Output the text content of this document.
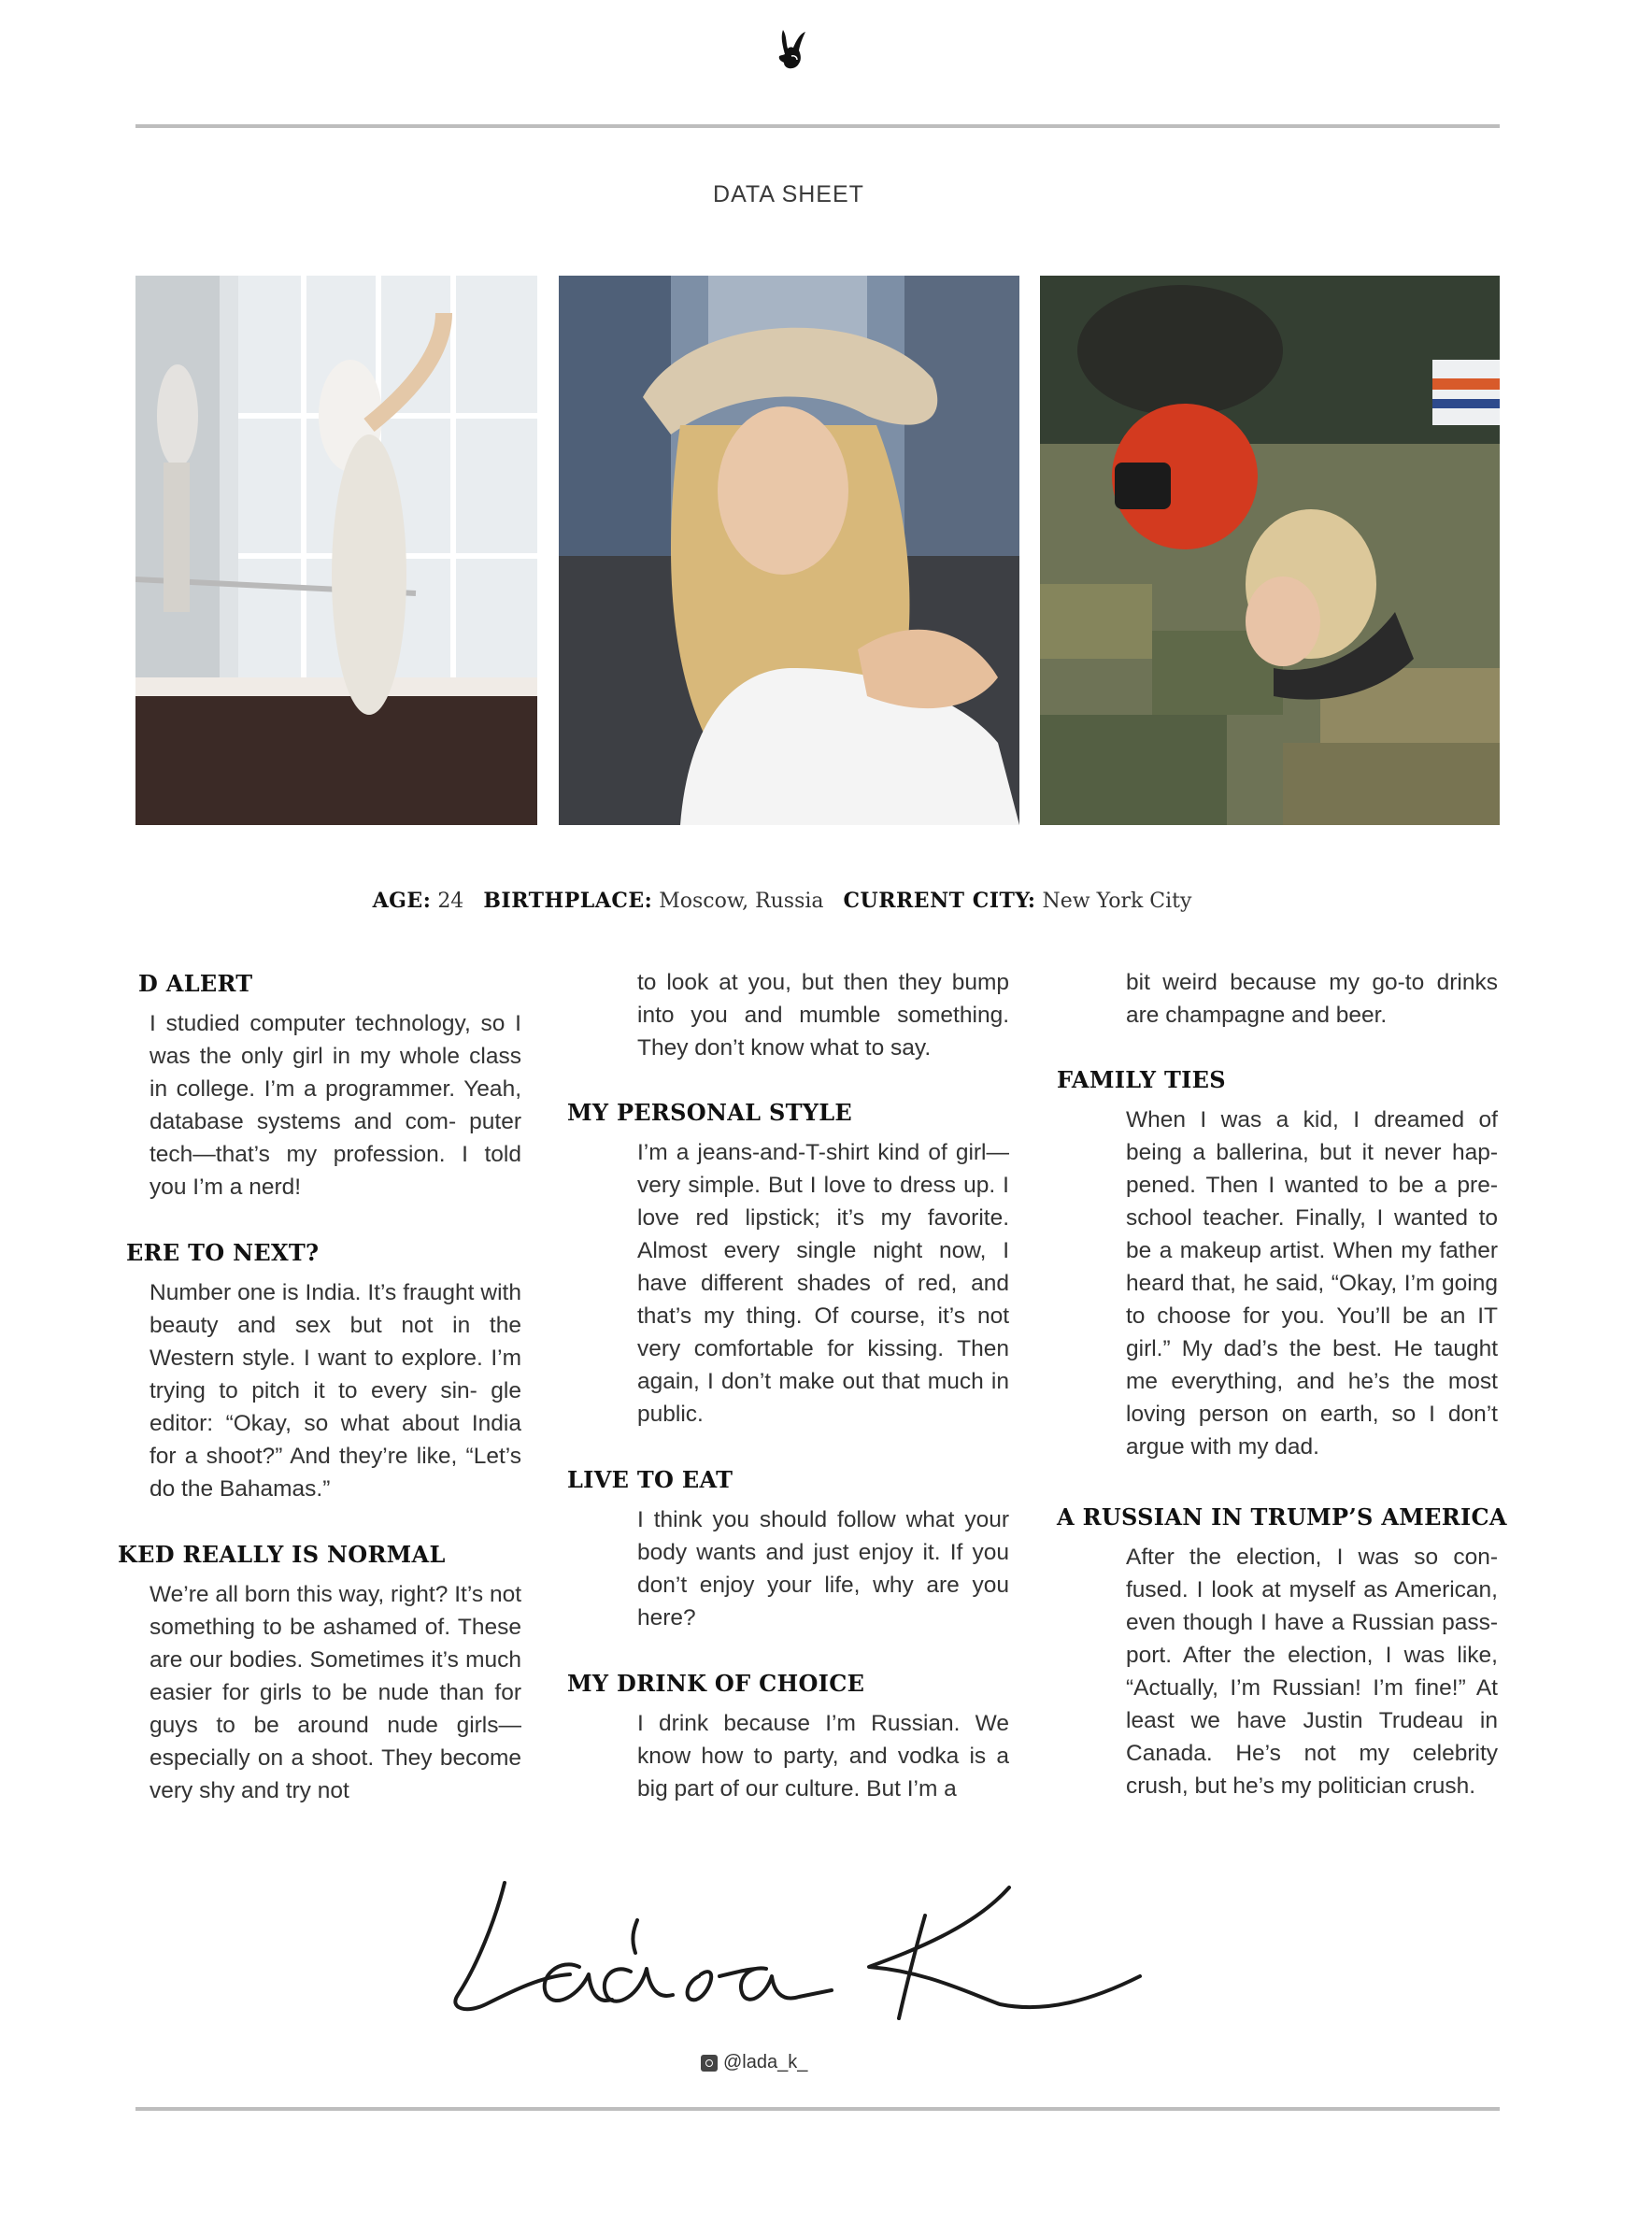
DATA SHEET
AGE: 24 BIRTHPLACE: Moscow, Russia CURRENT CITY: New York City
D ALERT
I studied computer technology, so I was the only girl in my whole class in college. I’m a programmer. Yeah, database systems and com- puter tech—that’s my profession. I told you I’m a nerd!
ERE TO NEXT?
Number one is India. It’s fraught with beauty and sex but not in the Western style. I want to explore. I’m trying to pitch it to every sin- gle editor: “Okay, so what about India for a shoot?” And they’re like, “Let’s do the Bahamas.”
KED REALLY IS NORMAL
We’re all born this way, right? It’s not something to be ashamed of. These are our bodies. Sometimes it’s much easier for girls to be nude than for guys to be around nude girls—especially on a shoot. They become very shy and try not
to look at you, but then they bump into you and mumble something. They don’t know what to say.
MY PERSONAL STYLE
I’m a jeans-and-T-shirt kind of girl—very simple. But I love to dress up. I love red lipstick; it’s my favorite. Almost every single night now, I have different shades of red, and that’s my thing. Of course, it’s not very comfortable for kissing. Then again, I don’t make out that much in public.
LIVE TO EAT
I think you should follow what your body wants and just enjoy it. If you don’t enjoy your life, why are you here?
MY DRINK OF CHOICE
I drink because I’m Russian. We know how to party, and vodka is a big part of our culture. But I’m a
bit weird because my go-to drinks are champagne and beer.
FAMILY TIES
When I was a kid, I dreamed of being a ballerina, but it never hap- pened. Then I wanted to be a pre- school teacher. Finally, I wanted to be a makeup artist. When my father heard that, he said, “Okay, I’m going to choose for you. You’ll be an IT girl.” My dad’s the best. He taught me everything, and he’s the most loving person on earth, so I don’t argue with my dad.
A RUSSIAN IN TRUMP’S AMERICA
After the election, I was so con- fused. I look at myself as American, even though I have a Russian pass- port. After the election, I was like, “Actually, I’m Russian! I’m fine!” At least we have Justin Trudeau in Canada. He’s not my celebrity crush, but he’s my politician crush.
@lada_k_
